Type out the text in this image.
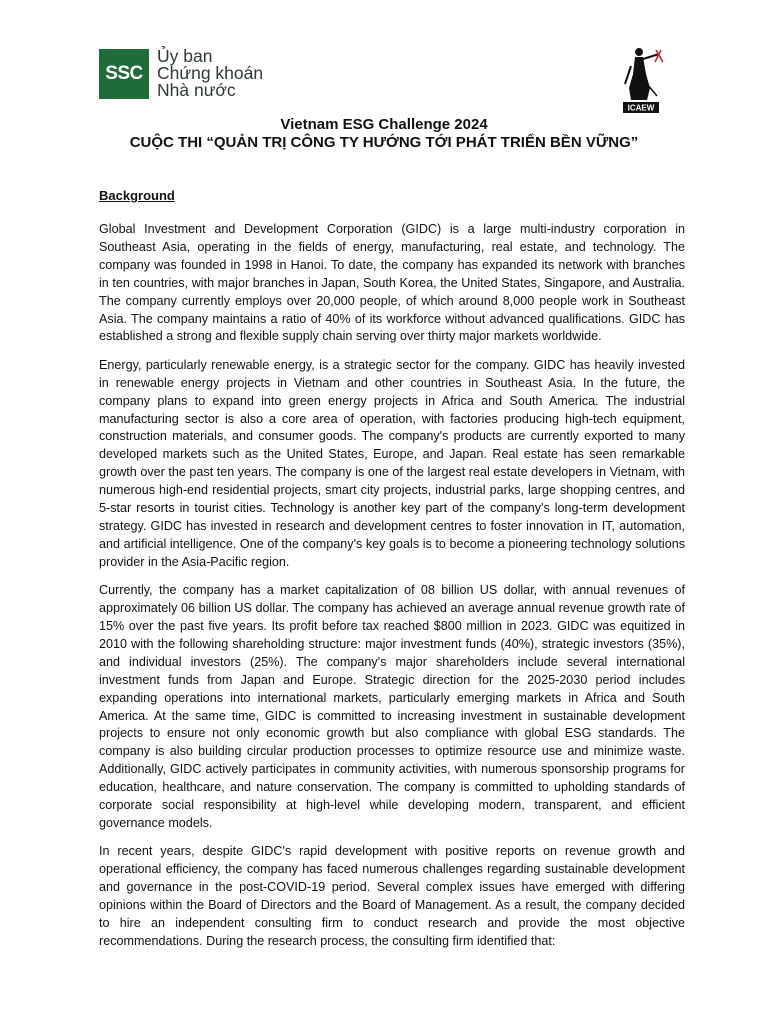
SSC
Ủy ban
Chứng khoán
Nhà nước
ICAEW
Vietnam ESG Challenge 2024
CUỘC THI “QUẢN TRỊ CÔNG TY HƯỚNG TỚI PHÁT TRIỂN BỀN VỮNG”
Background

Global Investment and Development Corporation (GIDC) is a large multi-industry corporation in Southeast Asia, operating in the fields of energy, manufacturing, real estate, and technology. The company was founded in 1998 in Hanoi. To date, the company has expanded its network with branches in ten countries, with major branches in Japan, South Korea, the United States, Singapore, and Australia. The company currently employs over 20,000 people, of which around 8,000 people work in Southeast Asia. The company maintains a ratio of 40% of its workforce without advanced qualifications. GIDC has established a strong and flexible supply chain serving over thirty major markets worldwide.

Energy, particularly renewable energy, is a strategic sector for the company. GIDC has heavily invested in renewable energy projects in Vietnam and other countries in Southeast Asia. In the future, the company plans to expand into green energy projects in Africa and South America. The industrial manufacturing sector is also a core area of operation, with factories producing high-tech equipment, construction materials, and consumer goods. The company's products are currently exported to many developed markets such as the United States, Europe, and Japan. Real estate has seen remarkable growth over the past ten years. The company is one of the largest real estate developers in Vietnam, with numerous high-end residential projects, smart city projects, industrial parks, large shopping centres, and 5-star resorts in tourist cities. Technology is another key part of the company's long-term development strategy. GIDC has invested in research and development centres to foster innovation in IT, automation, and artificial intelligence. One of the company's key goals is to become a pioneering technology solutions provider in the Asia-Pacific region.

Currently, the company has a market capitalization of 08 billion US dollar, with annual revenues of approximately 06 billion US dollar. The company has achieved an average annual revenue growth rate of 15% over the past five years. Its profit before tax reached $800 million in 2023. GIDC was equitized in 2010 with the following shareholding structure: major investment funds (40%), strategic investors (35%), and individual investors (25%). The company's major shareholders include several international investment funds from Japan and Europe. Strategic direction for the 2025-2030 period includes expanding operations into international markets, particularly emerging markets in Africa and South America. At the same time, GIDC is committed to increasing investment in sustainable development projects to ensure not only economic growth but also compliance with global ESG standards. The company is also building circular production processes to optimize resource use and minimize waste. Additionally, GIDC actively participates in community activities, with numerous sponsorship programs for education, healthcare, and nature conservation. The company is committed to upholding standards of corporate social responsibility at high-level while developing modern, transparent, and efficient governance models.

In recent years, despite GIDC's rapid development with positive reports on revenue growth and operational efficiency, the company has faced numerous challenges regarding sustainable development and governance in the post-COVID-19 period. Several complex issues have emerged with differing opinions within the Board of Directors and the Board of Management. As a result, the company decided to hire an independent consulting firm to conduct research and provide the most objective recommendations. During the research process, the consulting firm identified that:
